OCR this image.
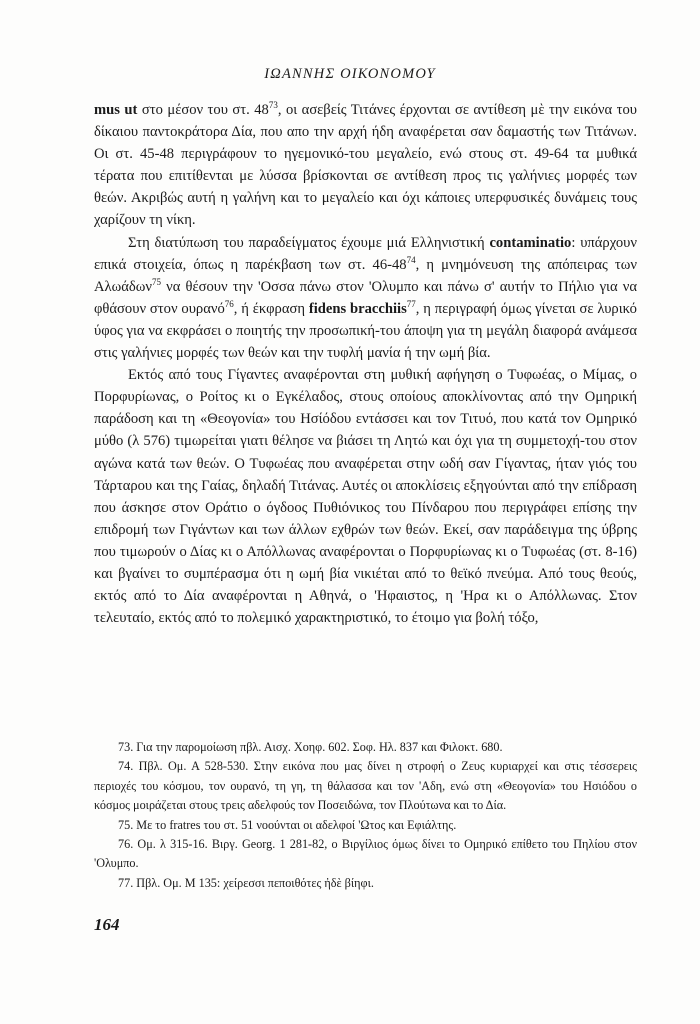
ΙΩΑΝΝΗΣ ΟΙΚΟΝΟΜΟΥ

mus ut στο μέσον του στ. $48^{73}$, οι ασεβείς Τιτάνες έρχονται σε αντίθεση μὲ την εικόνα του δίκαιου παντοκράτορα Δία, που απο την αρχή ήδη αναφέρεται σαν δαμαστής των Τιτάνων. Οι στ. 45-48 περιγράφουν το ηγεμονικό-του μεγαλείο, ενώ στους στ. 49-64 τα μυθικά τέρατα που επιτίθενται με λύσσα βρίσκονται σε αντίθεση προς τις γαλήνιες μορφές των θεών. Ακριβώς αυτή η γαλήνη και το μεγαλείο και όχι κάποιες υπερφυσικές δυνάμεις τους χαρίζουν τη νίκη.

Στη διατύπωση του παραδείγματος έχουμε μιά Ελληνιστική contaminatio: υπάρχουν επικά στοιχεία, όπως η παρέκβαση των στ. $46-48^{74}$, η μνημόνευση της απόπειρας των Αλωάδων$^{75}$ να θέσουν την 'Οσσα πάνω στον 'Ολυμπο και πάνω σ' αυτήν το Πήλιο για να φθάσουν στον ουρανό$^{76}$, ή έκφραση fidens bracchiis$^{77}$, η περιγραφή όμως γίνεται σε λυρικό ύφος για να εκφράσει ο ποιητής την προσωπική-του άποψη για τη μεγάλη διαφορά ανάμεσα στις γαλήνιες μορφές των θεών και την τυφλή μανία ή την ωμή βία.

Εκτός από τους Γίγαντες αναφέρονται στη μυθική αφήγηση ο Τυφωέας, ο Μίμας, ο Πορφυρίωνας, ο Ροίτος κι ο Εγκέλαδος, στους οποίους αποκλίνοντας από την Ομηρική παράδοση και τη «Θεογονία» του Ησίόδου εντάσσει και τον Τιτυό, που κατά τον Ομηρικό μύθο (λ 576) τιμωρείται γιατι θέλησε να βιάσει τη Λητώ και όχι για τη συμμετοχή-του στον αγώνα κατά των θεών. Ο Τυφωέας που αναφέρεται στην ωδή σαν Γίγαντας, ήταν γιός του Τάρταρου και της Γαίας, δηλαδή Τιτάνας. Αυτές οι αποκλίσεις εξηγούνται από την επίδραση που άσκησε στον Οράτιο ο όγδοος Πυθιόνικος του Πίνδαρου που περιγράφει επίσης την επιδρομή των Γιγάντων και των άλλων εχθρών των θεών. Εκεί, σαν παράδειγμα της ύβρης που τιμωρούν ο Δίας κι ο Απόλλωνας αναφέρονται ο Πορφυρίωνας κι ο Τυφωέας (στ. 8-16) και βγαίνει το συμπέρασμα ότι η ωμή βία νικιέται από το θεϊκό πνεύμα. Από τους θεούς, εκτός από το Δία αναφέρονται η Αθηνά, ο 'Ηφαιστος, η 'Ηρα κι ο Απόλλωνας. Στον τελευταίο, εκτός από το πολεμικό χαρακτηριστικό, το έτοιμο για βολή τόξο,

73. Για την παρομοίωση πβλ. Αισχ. Χοηφ. 602. Σοφ. Ηλ. 837 και Φιλοκτ. 680.

74. Πβλ. Ομ. Α 528-530. Στην εικόνα που μας δίνει η στροφή ο Ζευς κυριαρχεί και στις τέσσερεις περιοχές του κόσμου, τον ουρανό, τη γη, τη θάλασσα και τον 'Αδη, ενώ στη «Θεογονία» του Ησιόδου ο κόσμος μοιράζεται στους τρεις αδελφούς τον Ποσειδώνα, τον Πλούτωνα και το Δία.

75. Με το fratres του στ. 51 νοούνται οι αδελφοί 'Ωτος και Εφιάλτης.

76. Ομ. λ 315-16. Βιργ. Georg. 1 281-82, ο Βιργίλιος όμως δίνει το Ομηρικό επίθετο του Πηλίου στον 'Ολυμπο.

77. Πβλ. Ομ. Μ 135: χείρεσσι πεποιθότες ἠδὲ βίηφι.

164
